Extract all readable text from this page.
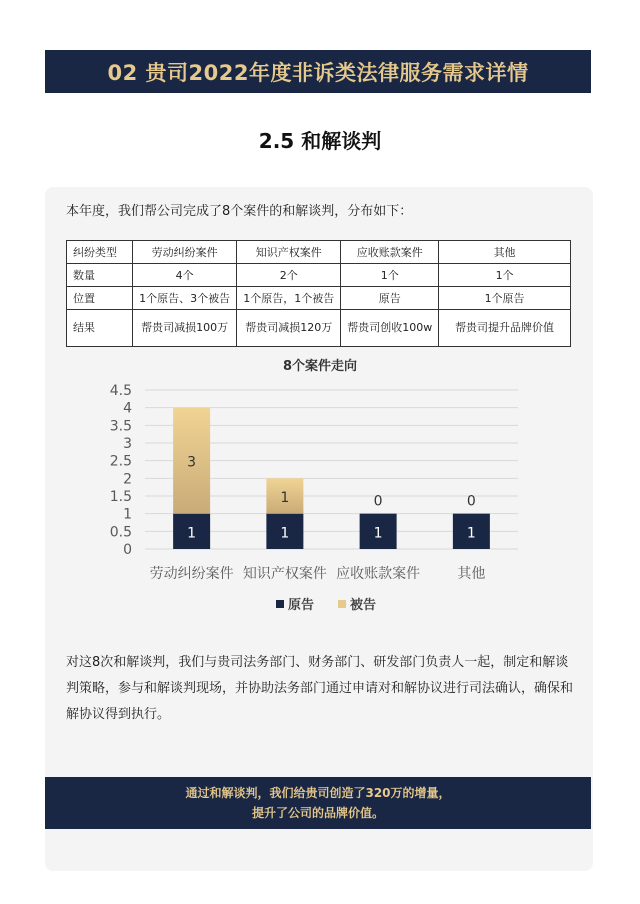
02 贵司2022年度非诉类法律服务需求详情
2.5 和解谈判
本年度，我们帮公司完成了8个案件的和解谈判，分布如下：
纠纷类型	劳动纠纷案件	知识产权案件	应收账款案件	其他
数量	4个	2个	1个	1个
位置	1个原告、3个被告	1个原告，1个被告	原告	1个原告
结果	帮贵司减损100万	帮贵司减损120万	帮贵司创收100w	帮贵司提升品牌价值
8个案件走向
0
0.5
1
1.5
2
2.5
3
3.5
4
4.5
1
3
劳动纠纷案件
1
1
知识产权案件
1
0
应收账款案件
1
0
其他
原告	被告
对这8次和解谈判，我们与贵司法务部门、财务部门、研发部门负责人一起，制定和解谈判策略，参与和解谈判现场，并协助法务部门通过申请对和解协议进行司法确认，确保和解协议得到执行。
通过和解谈判，我们给贵司创造了320万的增量，
提升了公司的品牌价值。
